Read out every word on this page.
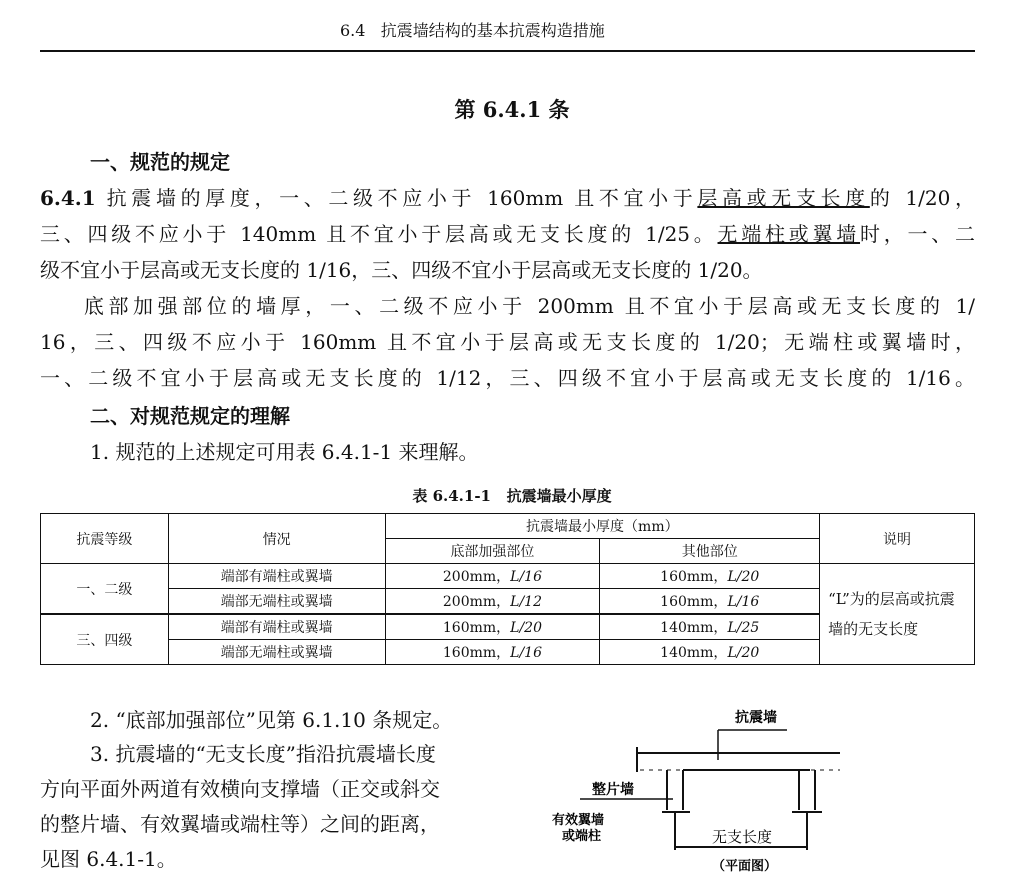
6.4 抗震墙结构的基本抗震构造措施
第 6.4.1 条
一、规范的规定
6.4.1 抗震墙的厚度，一、二级不应小于 160mm 且不宜小于层高或无支长度的 1/20，
三、四级不应小于 140mm 且不宜小于层高或无支长度的 1/25。无端柱或翼墙时，一、二
级不宜小于层高或无支长度的 1/16，三、四级不宜小于层高或无支长度的 1/20。
底部加强部位的墙厚，一、二级不应小于 200mm 且不宜小于层高或无支长度的 1/
16，三、四级不应小于 160mm 且不宜小于层高或无支长度的 1/20；无端柱或翼墙时，
一、二级不宜小于层高或无支长度的 1/12，三、四级不宜小于层高或无支长度的 1/16。
二、对规范规定的理解
1. 规范的上述规定可用表 6.4.1-1 来理解。
表 6.4.1-1   抗震墙最小厚度
抗震等级	情况	抗震墙最小厚度（mm）		说明
		底部加强部位	其他部位	
一、二级	端部有端柱或翼墙	200mm，L/16	160mm，L/20	“L”为的层高或抗震墙的无支长度
	端部无端柱或翼墙	200mm，L/12	160mm，L/16	
三、四级	端部有端柱或翼墙	160mm，L/20	140mm，L/25	
	端部无端柱或翼墙	160mm，L/16	140mm，L/20	
2. “底部加强部位”见第 6.1.10 条规定。
3. 抗震墙的“无支长度”指沿抗震墙长度
方向平面外两道有效横向支撑墙（正交或斜交
的整片墙、有效翼墙或端柱等）之间的距离，
见图 6.4.1-1。
抗震墙
整片墙
有效翼墙
或端柱	无支长度
（平面图）
